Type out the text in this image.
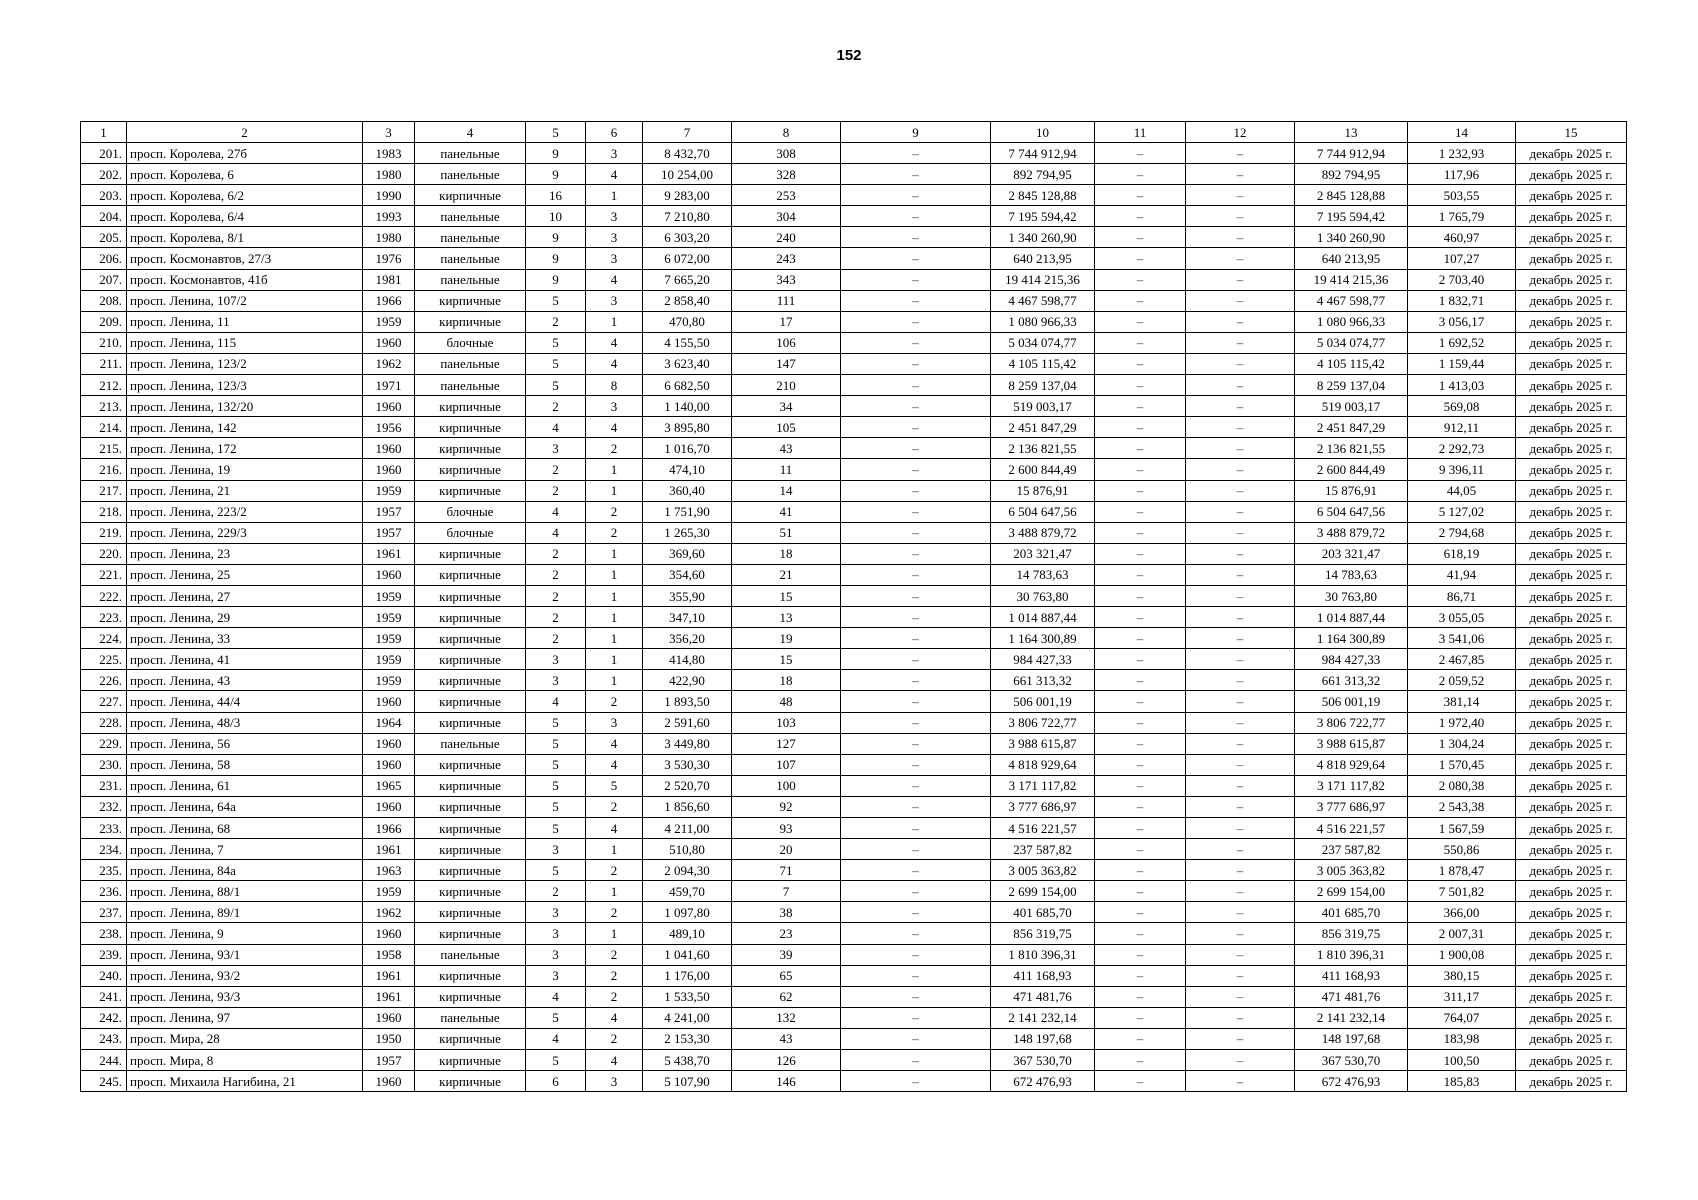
152
1	2	3	4	5	6	7	8	9	10	11	12	13	14	15
201.	просп. Королева, 27б	1983	панельные	9	3	8 432,70	308	–	7 744 912,94	–	–	7 744 912,94	1 232,93	декабрь 2025 г.
202.	просп. Королева, 6	1980	панельные	9	4	10 254,00	328	–	892 794,95	–	–	892 794,95	117,96	декабрь 2025 г.
203.	просп. Королева, 6/2	1990	кирпичные	16	1	9 283,00	253	–	2 845 128,88	–	–	2 845 128,88	503,55	декабрь 2025 г.
204.	просп. Королева, 6/4	1993	панельные	10	3	7 210,80	304	–	7 195 594,42	–	–	7 195 594,42	1 765,79	декабрь 2025 г.
205.	просп. Королева, 8/1	1980	панельные	9	3	6 303,20	240	–	1 340 260,90	–	–	1 340 260,90	460,97	декабрь 2025 г.
206.	просп. Космонавтов, 27/3	1976	панельные	9	3	6 072,00	243	–	640 213,95	–	–	640 213,95	107,27	декабрь 2025 г.
207.	просп. Космонавтов, 41б	1981	панельные	9	4	7 665,20	343	–	19 414 215,36	–	–	19 414 215,36	2 703,40	декабрь 2025 г.
208.	просп. Ленина, 107/2	1966	кирпичные	5	3	2 858,40	111	–	4 467 598,77	–	–	4 467 598,77	1 832,71	декабрь 2025 г.
209.	просп. Ленина, 11	1959	кирпичные	2	1	470,80	17	–	1 080 966,33	–	–	1 080 966,33	3 056,17	декабрь 2025 г.
210.	просп. Ленина, 115	1960	блочные	5	4	4 155,50	106	–	5 034 074,77	–	–	5 034 074,77	1 692,52	декабрь 2025 г.
211.	просп. Ленина, 123/2	1962	панельные	5	4	3 623,40	147	–	4 105 115,42	–	–	4 105 115,42	1 159,44	декабрь 2025 г.
212.	просп. Ленина, 123/3	1971	панельные	5	8	6 682,50	210	–	8 259 137,04	–	–	8 259 137,04	1 413,03	декабрь 2025 г.
213.	просп. Ленина, 132/20	1960	кирпичные	2	3	1 140,00	34	–	519 003,17	–	–	519 003,17	569,08	декабрь 2025 г.
214.	просп. Ленина, 142	1956	кирпичные	4	4	3 895,80	105	–	2 451 847,29	–	–	2 451 847,29	912,11	декабрь 2025 г.
215.	просп. Ленина, 172	1960	кирпичные	3	2	1 016,70	43	–	2 136 821,55	–	–	2 136 821,55	2 292,73	декабрь 2025 г.
216.	просп. Ленина, 19	1960	кирпичные	2	1	474,10	11	–	2 600 844,49	–	–	2 600 844,49	9 396,11	декабрь 2025 г.
217.	просп. Ленина, 21	1959	кирпичные	2	1	360,40	14	–	15 876,91	–	–	15 876,91	44,05	декабрь 2025 г.
218.	просп. Ленина, 223/2	1957	блочные	4	2	1 751,90	41	–	6 504 647,56	–	–	6 504 647,56	5 127,02	декабрь 2025 г.
219.	просп. Ленина, 229/3	1957	блочные	4	2	1 265,30	51	–	3 488 879,72	–	–	3 488 879,72	2 794,68	декабрь 2025 г.
220.	просп. Ленина, 23	1961	кирпичные	2	1	369,60	18	–	203 321,47	–	–	203 321,47	618,19	декабрь 2025 г.
221.	просп. Ленина, 25	1960	кирпичные	2	1	354,60	21	–	14 783,63	–	–	14 783,63	41,94	декабрь 2025 г.
222.	просп. Ленина, 27	1959	кирпичные	2	1	355,90	15	–	30 763,80	–	–	30 763,80	86,71	декабрь 2025 г.
223.	просп. Ленина, 29	1959	кирпичные	2	1	347,10	13	–	1 014 887,44	–	–	1 014 887,44	3 055,05	декабрь 2025 г.
224.	просп. Ленина, 33	1959	кирпичные	2	1	356,20	19	–	1 164 300,89	–	–	1 164 300,89	3 541,06	декабрь 2025 г.
225.	просп. Ленина, 41	1959	кирпичные	3	1	414,80	15	–	984 427,33	–	–	984 427,33	2 467,85	декабрь 2025 г.
226.	просп. Ленина, 43	1959	кирпичные	3	1	422,90	18	–	661 313,32	–	–	661 313,32	2 059,52	декабрь 2025 г.
227.	просп. Ленина, 44/4	1960	кирпичные	4	2	1 893,50	48	–	506 001,19	–	–	506 001,19	381,14	декабрь 2025 г.
228.	просп. Ленина, 48/3	1964	кирпичные	5	3	2 591,60	103	–	3 806 722,77	–	–	3 806 722,77	1 972,40	декабрь 2025 г.
229.	просп. Ленина, 56	1960	панельные	5	4	3 449,80	127	–	3 988 615,87	–	–	3 988 615,87	1 304,24	декабрь 2025 г.
230.	просп. Ленина, 58	1960	кирпичные	5	4	3 530,30	107	–	4 818 929,64	–	–	4 818 929,64	1 570,45	декабрь 2025 г.
231.	просп. Ленина, 61	1965	кирпичные	5	5	2 520,70	100	–	3 171 117,82	–	–	3 171 117,82	2 080,38	декабрь 2025 г.
232.	просп. Ленина, 64а	1960	кирпичные	5	2	1 856,60	92	–	3 777 686,97	–	–	3 777 686,97	2 543,38	декабрь 2025 г.
233.	просп. Ленина, 68	1966	кирпичные	5	4	4 211,00	93	–	4 516 221,57	–	–	4 516 221,57	1 567,59	декабрь 2025 г.
234.	просп. Ленина, 7	1961	кирпичные	3	1	510,80	20	–	237 587,82	–	–	237 587,82	550,86	декабрь 2025 г.
235.	просп. Ленина, 84а	1963	кирпичные	5	2	2 094,30	71	–	3 005 363,82	–	–	3 005 363,82	1 878,47	декабрь 2025 г.
236.	просп. Ленина, 88/1	1959	кирпичные	2	1	459,70	7	–	2 699 154,00	–	–	2 699 154,00	7 501,82	декабрь 2025 г.
237.	просп. Ленина, 89/1	1962	кирпичные	3	2	1 097,80	38	–	401 685,70	–	–	401 685,70	366,00	декабрь 2025 г.
238.	просп. Ленина, 9	1960	кирпичные	3	1	489,10	23	–	856 319,75	–	–	856 319,75	2 007,31	декабрь 2025 г.
239.	просп. Ленина, 93/1	1958	панельные	3	2	1 041,60	39	–	1 810 396,31	–	–	1 810 396,31	1 900,08	декабрь 2025 г.
240.	просп. Ленина, 93/2	1961	кирпичные	3	2	1 176,00	65	–	411 168,93	–	–	411 168,93	380,15	декабрь 2025 г.
241.	просп. Ленина, 93/3	1961	кирпичные	4	2	1 533,50	62	–	471 481,76	–	–	471 481,76	311,17	декабрь 2025 г.
242.	просп. Ленина, 97	1960	панельные	5	4	4 241,00	132	–	2 141 232,14	–	–	2 141 232,14	764,07	декабрь 2025 г.
243.	просп. Мира, 28	1950	кирпичные	4	2	2 153,30	43	–	148 197,68	–	–	148 197,68	183,98	декабрь 2025 г.
244.	просп. Мира, 8	1957	кирпичные	5	4	5 438,70	126	–	367 530,70	–	–	367 530,70	100,50	декабрь 2025 г.
245.	просп. Михаила Нагибина, 21	1960	кирпичные	6	3	5 107,90	146	–	672 476,93	–	–	672 476,93	185,83	декабрь 2025 г.
